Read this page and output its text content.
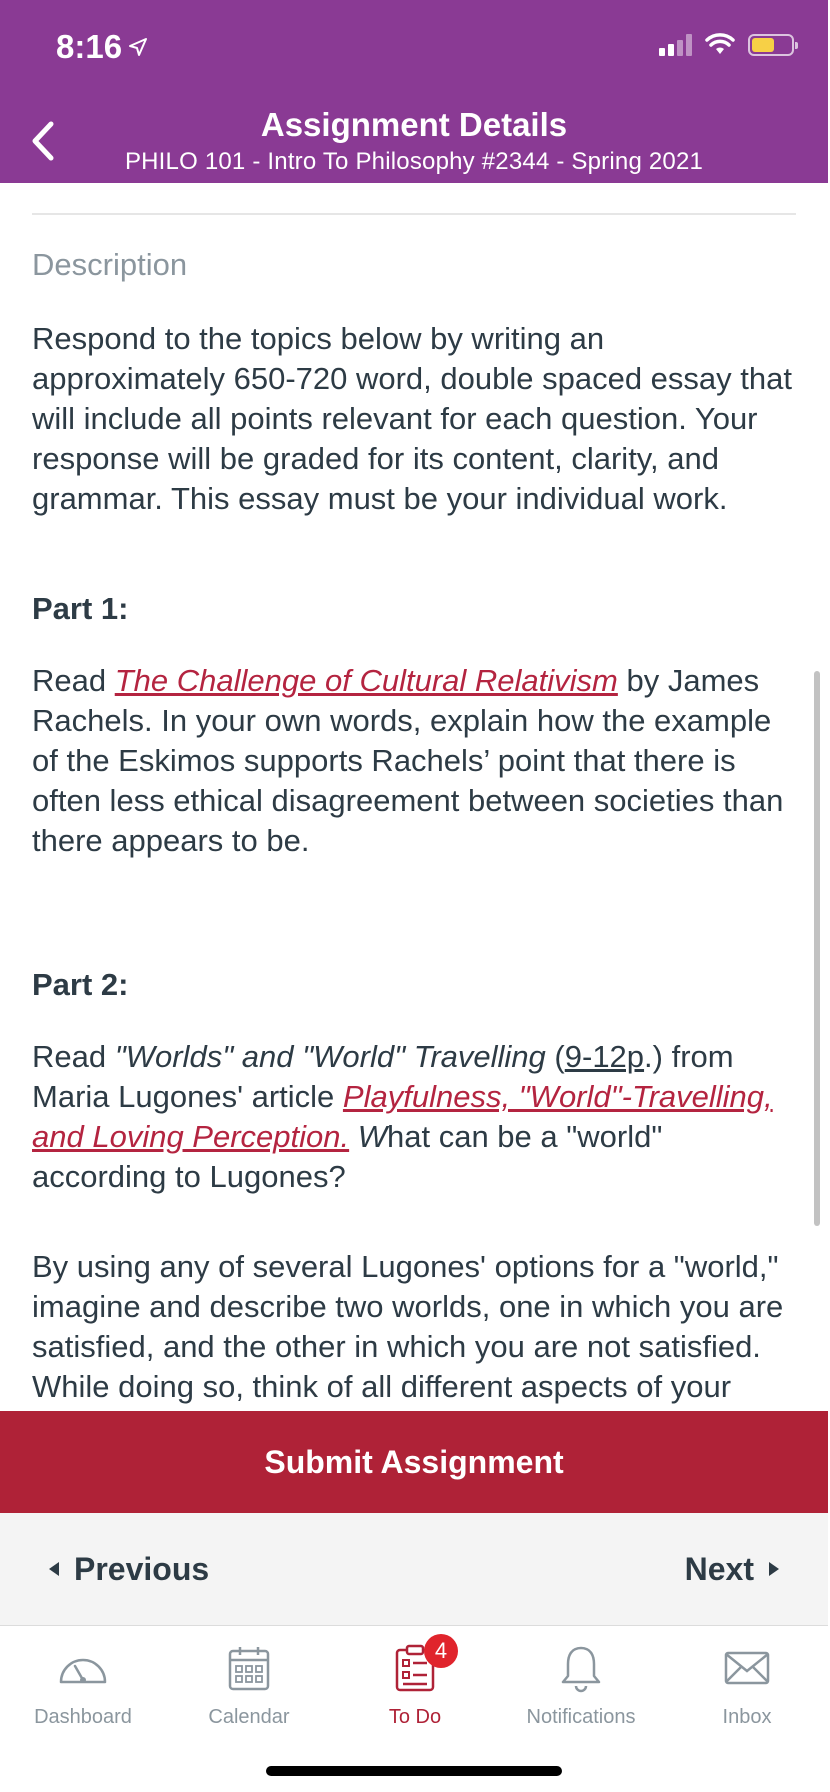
8:16
Assignment Details
PHILO 101 - Intro To Philosophy #2344 - Spring 2021
Description

Respond to the topics below by writing an approximately 650-720 word, double spaced essay that will include all points relevant for each question. Your response will be graded for its content, clarity, and grammar. This essay must be your individual work.

Part 1:

Read The Challenge of Cultural Relativism by James Rachels. In your own words, explain how the example of the Eskimos supports Rachels’ point that there is often less ethical disagreement between societies than there appears to be.

Part 2:

Read "Worlds" and "World" Travelling (9-12p.) from Maria Lugones' article Playfulness, "World"-Travelling, and Loving Perception. What can be a "world" according to Lugones?

By using any of several Lugones' options for a "world," imagine and describe two worlds, one in which you are satisfied, and the other in which you are not satisfied. While doing so, think of all different aspects of your

Submit Assignment
Previous	Next
Dashboard	Calendar
4
To Do	Notifications	Inbox
